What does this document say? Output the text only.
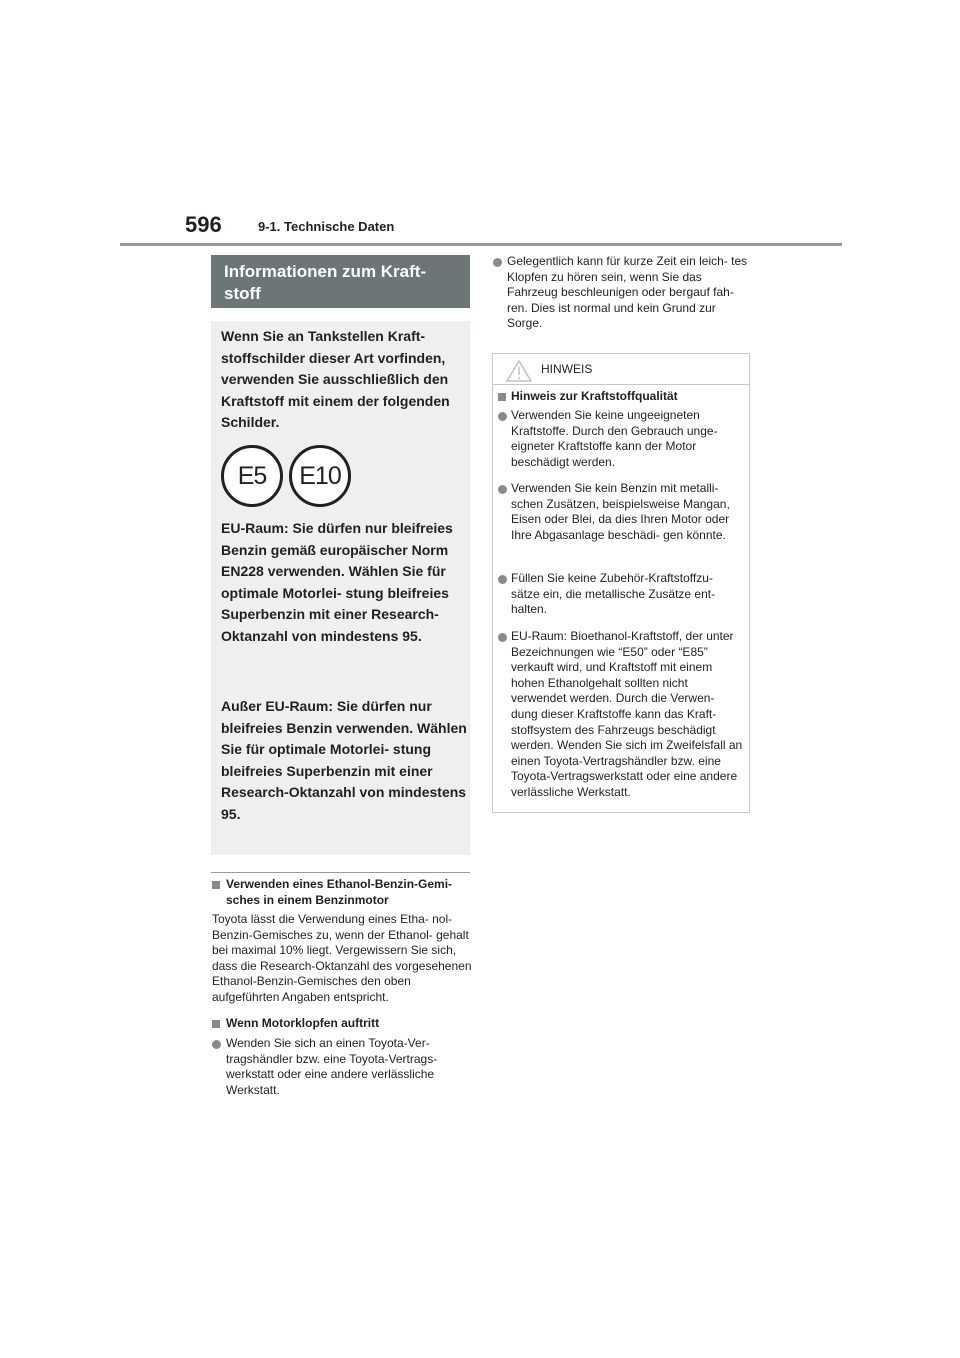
596	9-1. Technische Daten
Informationen zum Kraft- stoff

Wenn Sie an Tankstellen Kraft- stoffschilder dieser Art vorfinden, verwenden Sie ausschließlich den Kraftstoff mit einem der folgenden Schilder.

E5	E10

EU-Raum: Sie dürfen nur bleifreies Benzin gemäß europäischer Norm EN228 verwenden. Wählen Sie für optimale Motorlei- stung bleifreies Superbenzin mit einer Research-Oktanzahl von mindestens 95.

Außer EU-Raum: Sie dürfen nur bleifreies Benzin verwenden. Wählen Sie für optimale Motorlei- stung bleifreies Superbenzin mit einer Research-Oktanzahl von mindestens 95.

Verwenden eines Ethanol-Benzin-Gemi- sches in einem Benzinmotor

Toyota lässt die Verwendung eines Etha- nol-Benzin-Gemisches zu, wenn der Ethanol- gehalt bei maximal 10% liegt. Vergewissern Sie sich, dass die Research-Oktanzahl des vorgesehenen Ethanol-Benzin-Gemisches den oben aufgeführten Angaben entspricht.

Wenn Motorklopfen auftritt

Wenden Sie sich an einen Toyota-Ver- tragshändler bzw. eine Toyota-Vertrags- werkstatt oder eine andere verlässliche Werkstatt.

Gelegentlich kann für kurze Zeit ein leich- tes Klopfen zu hören sein, wenn Sie das Fahrzeug beschleunigen oder bergauf fah- ren. Dies ist normal und kein Grund zur Sorge.

HINWEIS

Hinweis zur Kraftstoffqualität

Verwenden Sie keine ungeeigneten Kraftstoffe. Durch den Gebrauch unge- eigneter Kraftstoffe kann der Motor beschädigt werden.

Verwenden Sie kein Benzin mit metalli- schen Zusätzen, beispielsweise Mangan, Eisen oder Blei, da dies Ihren Motor oder Ihre Abgasanlage beschädi- gen könnte.

Füllen Sie keine Zubehör-Kraftstoffzu- sätze ein, die metallische Zusätze ent- halten.

EU-Raum: Bioethanol-Kraftstoff, der unter Bezeichnungen wie “E50” oder “E85” verkauft wird, und Kraftstoff mit einem hohen Ethanolgehalt sollten nicht verwendet werden. Durch die Verwen- dung dieser Kraftstoffe kann das Kraft- stoffsystem des Fahrzeugs beschädigt werden. Wenden Sie sich im Zweifelsfall an einen Toyota-Vertragshändler bzw. eine Toyota-Vertragswerkstatt oder eine andere verlässliche Werkstatt.
